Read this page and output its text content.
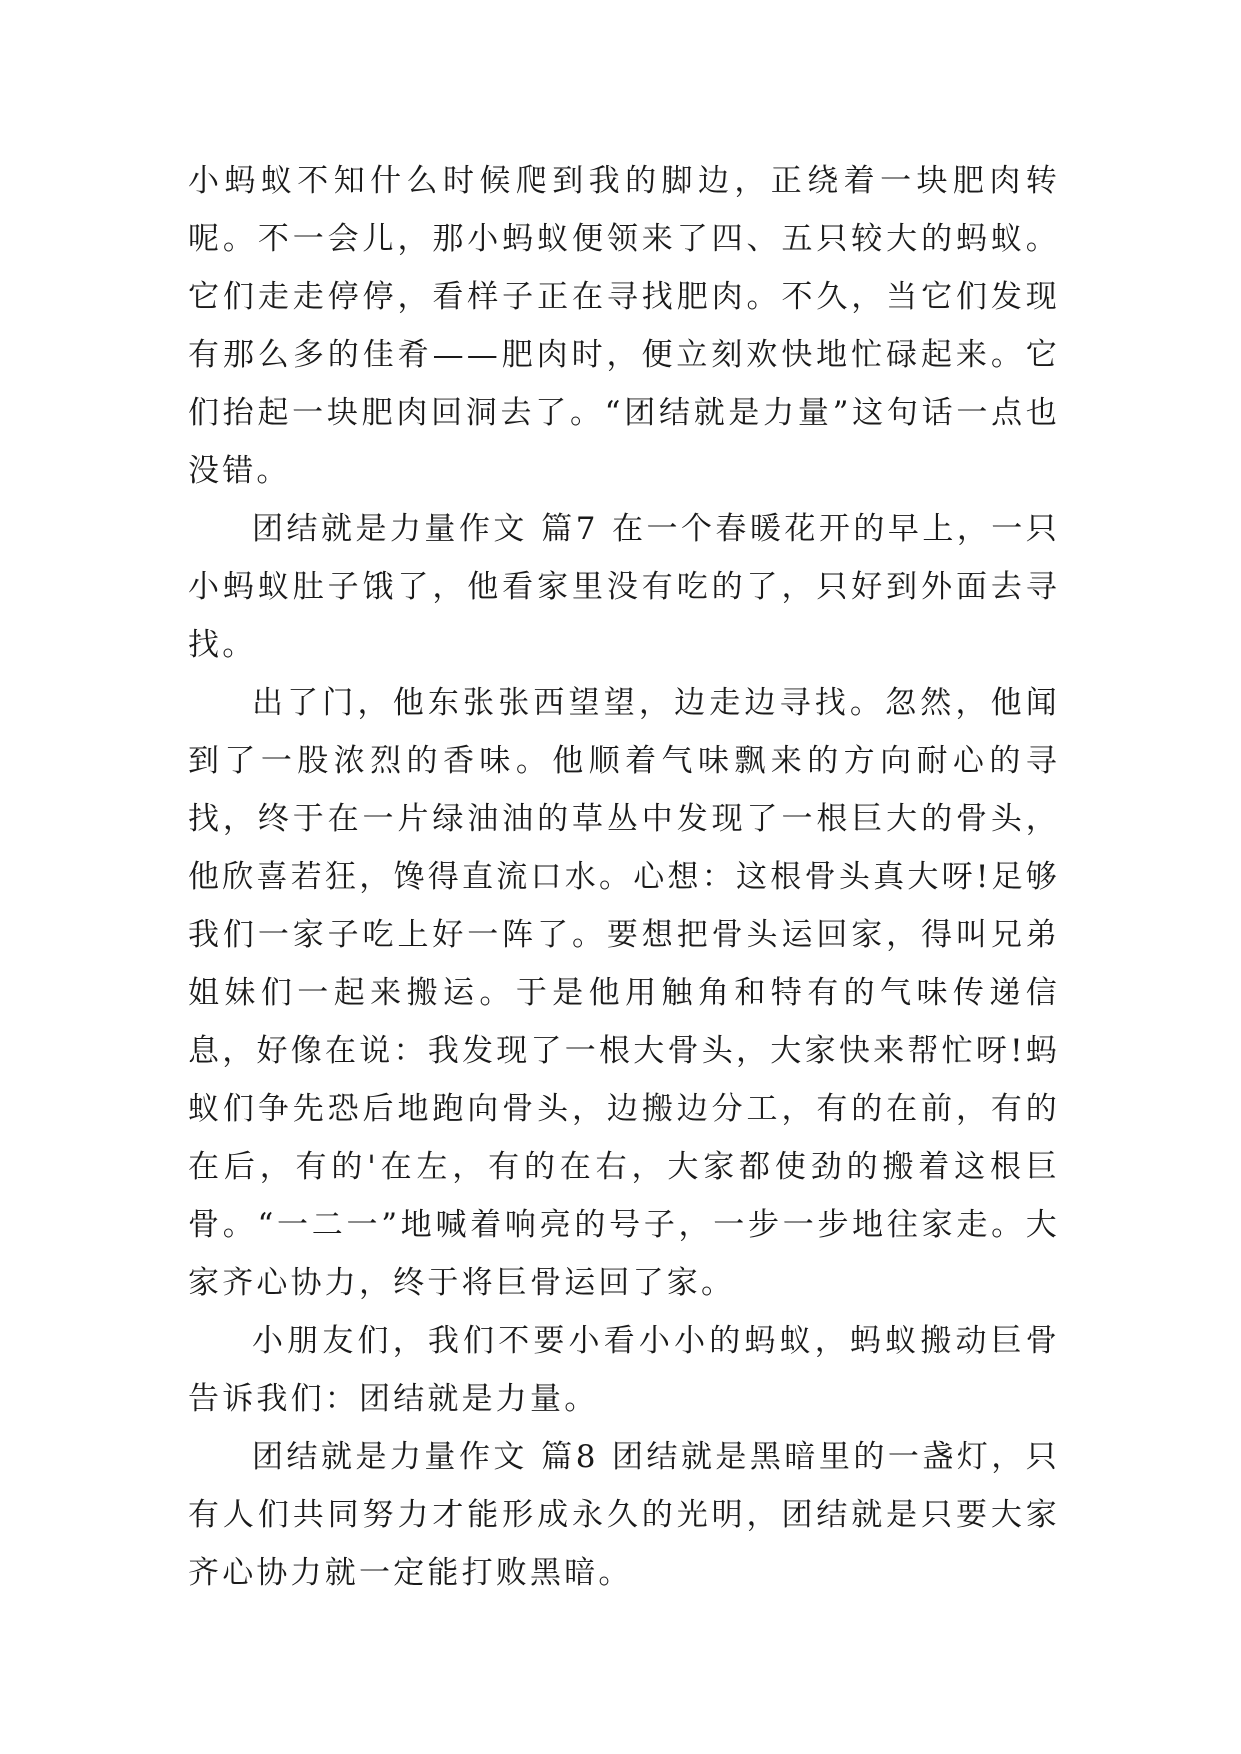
小蚂蚁不知什么时候爬到我的脚边，正绕着一块肥肉转呢。不一会儿，那小蚂蚁便领来了四、五只较大的蚂蚁。它们走走停停，看样子正在寻找肥肉。不久，当它们发现有那么多的佳肴——肥肉时，便立刻欢快地忙碌起来。它们抬起一块肥肉回洞去了。“团结就是力量”这句话一点也没错。

团结就是力量作文 篇7 在一个春暖花开的早上，一只小蚂蚁肚子饿了，他看家里没有吃的了，只好到外面去寻找。

出了门，他东张张西望望，边走边寻找。忽然，他闻到了一股浓烈的香味。他顺着气味飘来的方向耐心的寻找，终于在一片绿油油的草丛中发现了一根巨大的骨头，他欣喜若狂，馋得直流口水。心想：这根骨头真大呀!足够我们一家子吃上好一阵了。要想把骨头运回家，得叫兄弟姐妹们一起来搬运。于是他用触角和特有的气味传递信息，好像在说：我发现了一根大骨头，大家快来帮忙呀!蚂蚁们争先恐后地跑向骨头，边搬边分工，有的在前，有的在后，有的'在左，有的在右，大家都使劲的搬着这根巨骨。“一二一”地喊着响亮的号子，一步一步地往家走。大家齐心协力，终于将巨骨运回了家。

小朋友们，我们不要小看小小的蚂蚁，蚂蚁搬动巨骨告诉我们：团结就是力量。

团结就是力量作文 篇8 团结就是黑暗里的一盏灯，只有人们共同努力才能形成永久的光明，团结就是只要大家齐心协力就一定能打败黑暗。
